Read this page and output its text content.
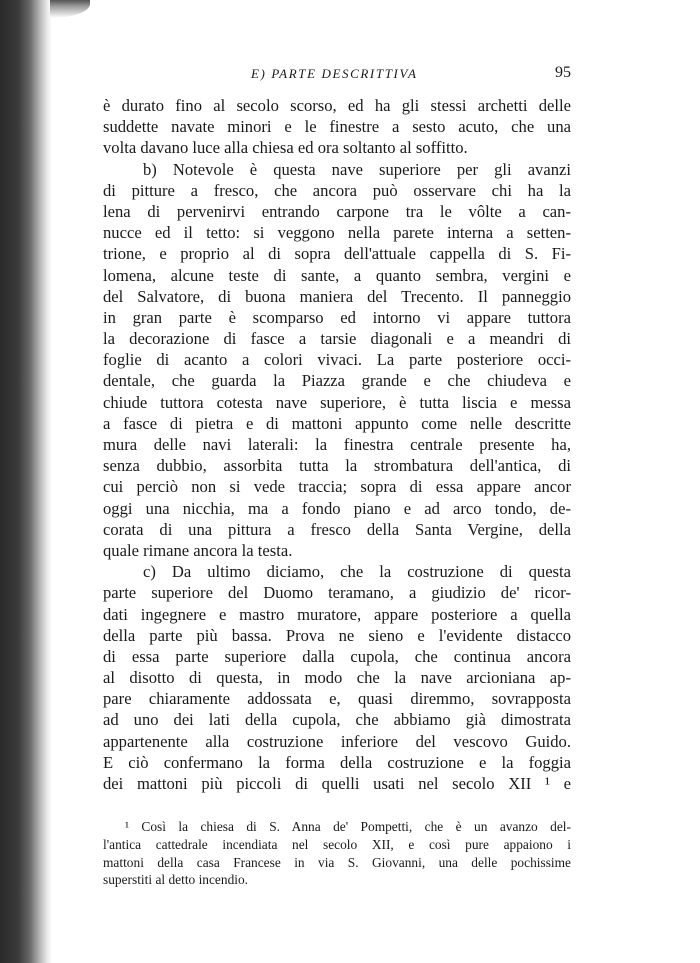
E) PARTE DESCRITTIVA	95
è durato fino al secolo scorso, ed ha gli stessi archetti delle
suddette navate minori e le finestre a sesto acuto, che una
volta davano luce alla chiesa ed ora soltanto al soffitto.
b) Notevole è questa nave superiore per gli avanzi
di pitture a fresco, che ancora può osservare chi ha la
lena di pervenirvi entrando carpone tra le vôlte a can-
nucce ed il tetto: si veggono nella parete interna a setten-
trione, e proprio al di sopra dell'attuale cappella di S. Fi-
lomena, alcune teste di sante, a quanto sembra, vergini e
del Salvatore, di buona maniera del Trecento. Il panneggio
in gran parte è scomparso ed intorno vi appare tuttora
la decorazione di fasce a tarsie diagonali e a meandri di
foglie di acanto a colori vivaci. La parte posteriore occi-
dentale, che guarda la Piazza grande e che chiudeva e
chiude tuttora cotesta nave superiore, è tutta liscia e messa
a fasce di pietra e di mattoni appunto come nelle descritte
mura delle navi laterali: la finestra centrale presente ha,
senza dubbio, assorbita tutta la strombatura dell'antica, di
cui perciò non si vede traccia; sopra di essa appare ancor
oggi una nicchia, ma a fondo piano e ad arco tondo, de-
corata di una pittura a fresco della Santa Vergine, della
quale rimane ancora la testa.
c) Da ultimo diciamo, che la costruzione di questa
parte superiore del Duomo teramano, a giudizio de' ricor-
dati ingegnere e mastro muratore, appare posteriore a quella
della parte più bassa. Prova ne sieno e l'evidente distacco
di essa parte superiore dalla cupola, che continua ancora
al disotto di questa, in modo che la nave arcioniana ap-
pare chiaramente addossata e, quasi diremmo, sovrapposta
ad uno dei lati della cupola, che abbiamo già dimostrata
appartenente alla costruzione inferiore del vescovo Guido.
E ciò confermano la forma della costruzione e la foggia
dei mattoni più piccoli di quelli usati nel secolo XII ¹ e
¹ Così la chiesa di S. Anna de' Pompetti, che è un avanzo del-
l'antica cattedrale incendiata nel secolo XII, e così pure appaiono i
mattoni della casa Francese in via S. Giovanni, una delle pochissime
superstiti al detto incendio.
